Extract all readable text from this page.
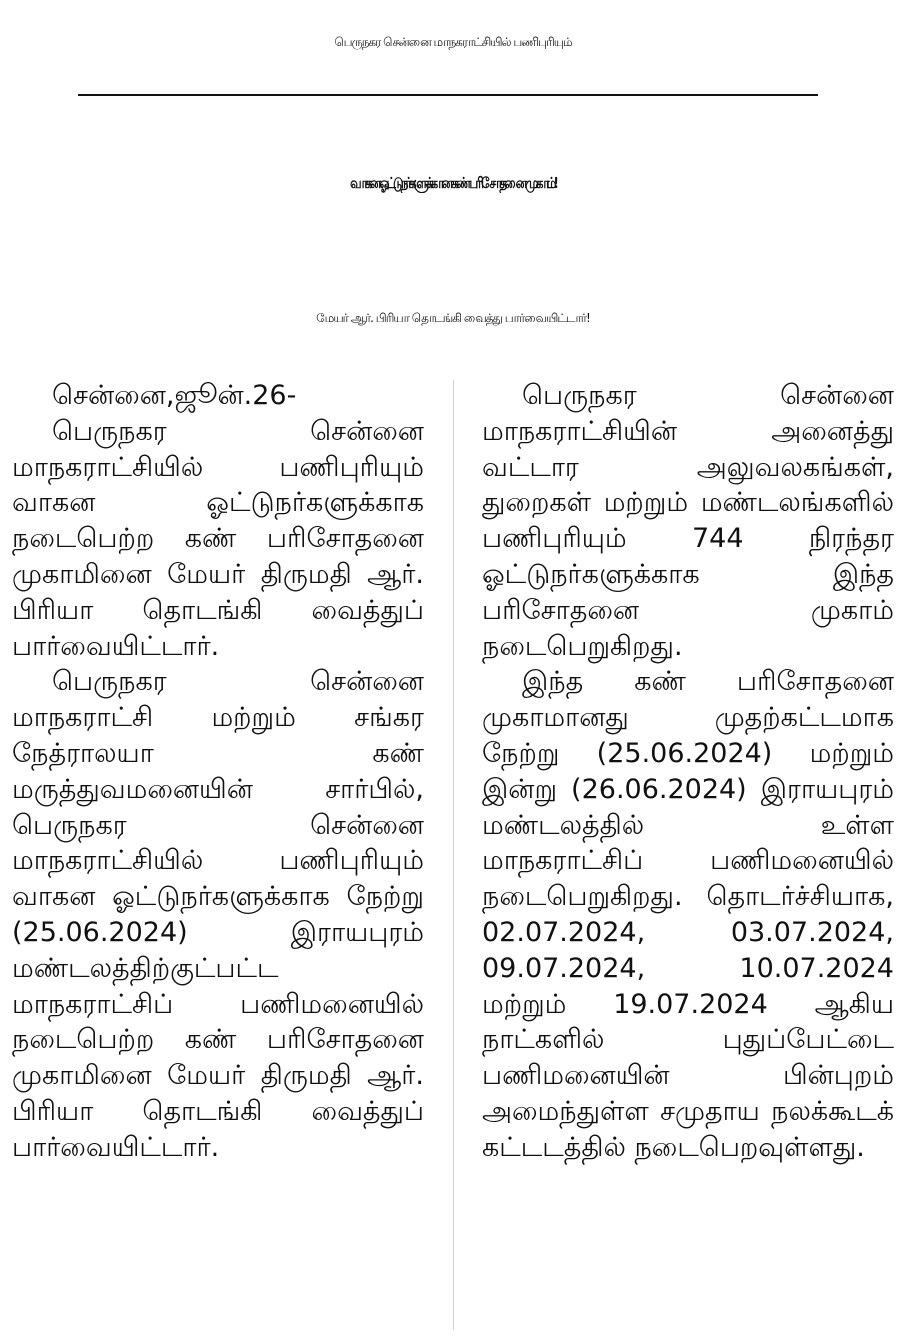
பெருநகர சென்னை மாநகராட்சியில் பணிபுரியும்
வாகன ஓட்டுநர்களுக்கான கண் பரிசோதனை முகாம்!
மேயர் ஆர். பிரியா தொடங்கி வைத்து பார்வையிட்டார்!

சென்னை,ஜூன்.26-

பெருநகர சென்னை மாநகராட்சியில் பணிபுரியும் வாகன ஓட்டுநர்களுக்காக நடைபெற்ற கண் பரிசோதனை முகாமினை மேயர் திருமதி ஆர். பிரியா தொடங்கி வைத்துப் பார்வையிட்டார்.

பெருநகர சென்னை மாநகராட்சி மற்றும் சங்கர நேத்ராலயா கண் மருத்துவமனையின் சார்பில், பெருநகர சென்னை மாநகராட்சியில் பணிபுரியும் வாகன ஓட்டுநர்களுக்காக நேற்று (25.06.2024) இராயபுரம் மண்டலத்திற்குட்பட்ட மாநகராட்சிப் பணிமனையில் நடைபெற்ற கண் பரிசோதனை முகாமினை மேயர் திருமதி ஆர். பிரியா தொடங்கி வைத்துப் பார்வையிட்டார்.

பெருநகர சென்னை மாநகராட்சியின் அனைத்து வட்டார அலுவலகங்கள், துறைகள் மற்றும் மண்டலங்களில் பணிபுரியும் 744 நிரந்தர ஓட்டுநர்களுக்காக இந்த பரிசோதனை முகாம் நடைபெறுகிறது.

இந்த கண் பரிசோதனை முகாமானது முதற்கட்டமாக நேற்று (25.06.2024) மற்றும் இன்று (26.06.2024) இராயபுரம் மண்டலத்தில் உள்ள மாநகராட்சிப் பணிமனையில் நடைபெறுகிறது. தொடர்ச்சியாக, 02.07.2024, 03.07.2024, 09.07.2024, 10.07.2024 மற்றும் 19.07.2024 ஆகிய நாட்களில் புதுப்பேட்டை பணிமனையின் பின்புறம் அமைந்துள்ள சமுதாய நலக்கூடக் கட்டடத்தில் நடைபெறவுள்ளது.
